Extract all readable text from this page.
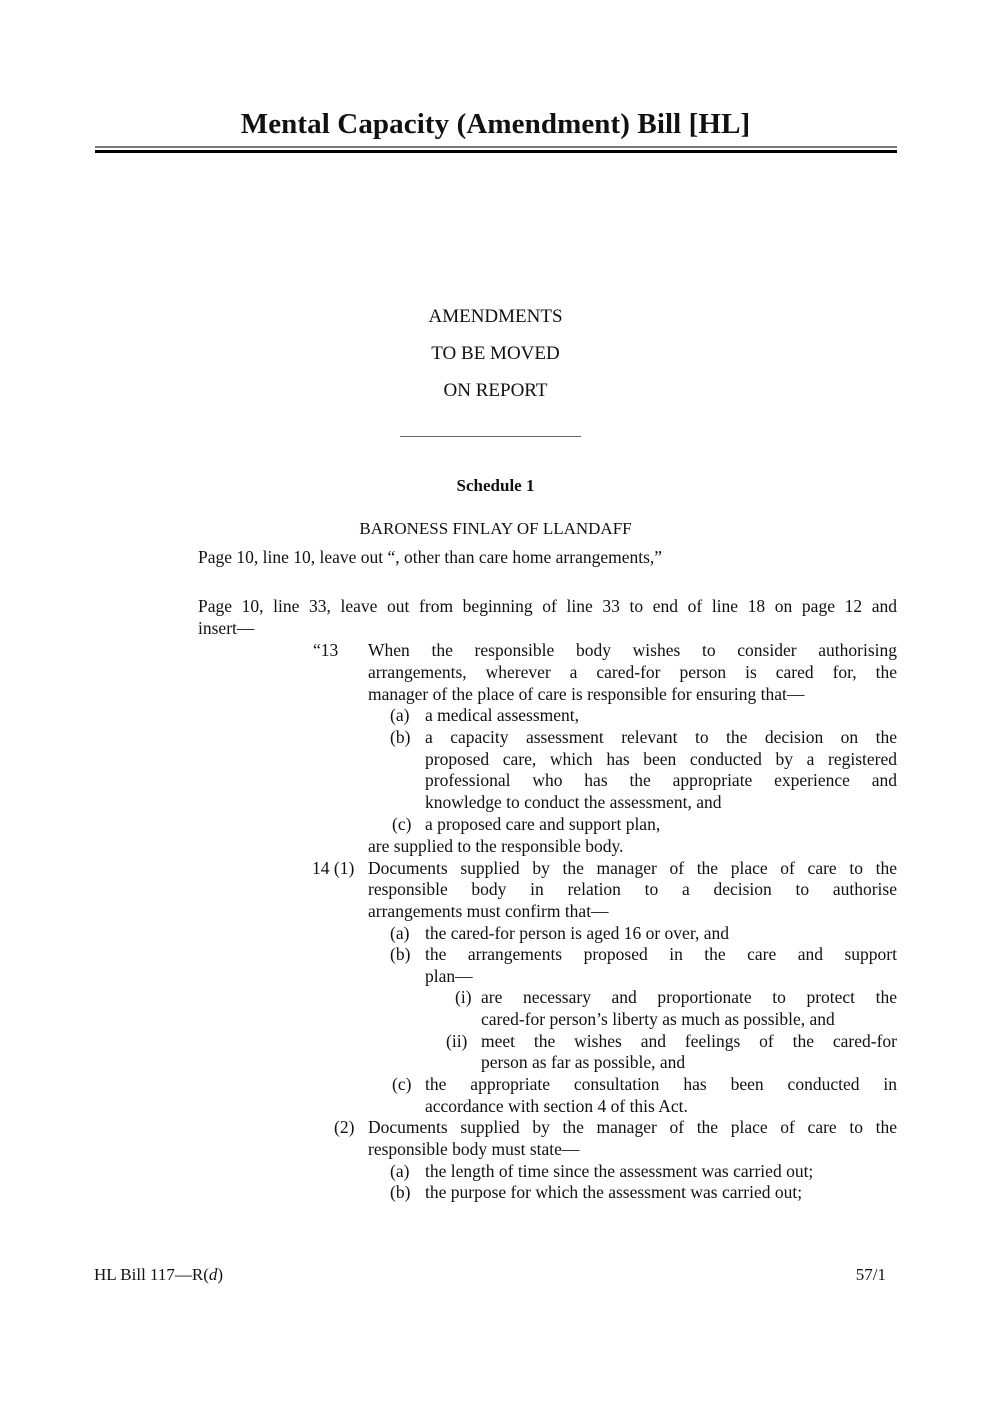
Mental Capacity (Amendment) Bill [HL]
AMENDMENTS
TO BE MOVED
ON REPORT
Schedule 1
BARONESS FINLAY OF LLANDAFF
Page 10, line 10, leave out “, other than care home arrangements,”
Page 10, line 33, leave out from beginning of line 33 to end of line 18 on page 12 and
insert—
“13 When the responsible body wishes to consider authorising
arrangements, wherever a cared-for person is cared for, the
manager of the place of care is responsible for ensuring that—
(a) a medical assessment,
(b) a capacity assessment relevant to the decision on the
proposed care, which has been conducted by a registered
professional who has the appropriate experience and
knowledge to conduct the assessment, and
(c) a proposed care and support plan,
are supplied to the responsible body.
14 (1) Documents supplied by the manager of the place of care to the
responsible body in relation to a decision to authorise
arrangements must confirm that—
(a) the cared-for person is aged 16 or over, and
(b) the arrangements proposed in the care and support
plan—
(i) are necessary and proportionate to protect the
cared-for person’s liberty as much as possible, and
(ii) meet the wishes and feelings of the cared-for
person as far as possible, and
(c) the appropriate consultation has been conducted in
accordance with section 4 of this Act.
(2) Documents supplied by the manager of the place of care to the
responsible body must state—
(a) the length of time since the assessment was carried out;
(b) the purpose for which the assessment was carried out;
HL Bill 117—R(d)	57/1
